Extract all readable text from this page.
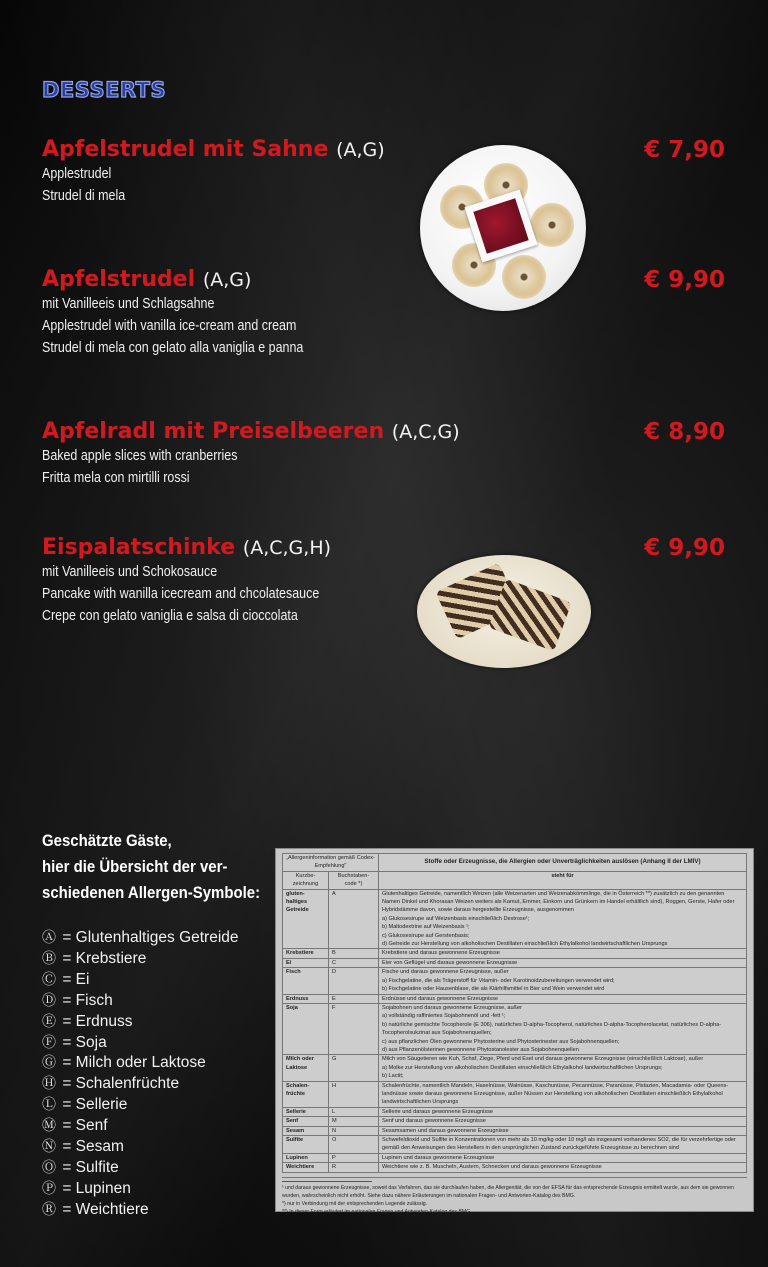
DESSERTS
Apfelstrudel mit Sahne (A,G)
Applestrudel
Strudel di mela
€ 7,90
Apfelstrudel (A,G)
mit Vanilleeis und Schlagsahne
Applestrudel with vanilla ice-cream and cream
Strudel di mela con gelato alla vaniglia e panna
€ 9,90
Apfelradl mit Preiselbeeren (A,C,G)
Baked apple slices with cranberries
Fritta mela con mirtilli rossi
€ 8,90
Eispalatschinke (A,C,G,H)
mit Vanilleeis und Schokosauce
Pancake with wanilla icecream and chcolatesauce
Crepe con gelato vaniglia e salsa di cioccolata
€ 9,90
Geschätzte Gäste,
hier die Übersicht der ver-
schiedenen Allergen-Symbole:
Ⓐ = Glutenhaltiges Getreide
Ⓑ = Krebstiere
Ⓒ = Ei
Ⓓ = Fisch
Ⓔ = Erdnuss
Ⓕ = Soja
Ⓖ = Milch oder Laktose
Ⓗ = Schalenfrüchte
Ⓛ = Sellerie
Ⓜ = Senf
Ⓝ = Sesam
Ⓞ = Sulfite
Ⓟ = Lupinen
Ⓡ = Weichtiere
„Allergeninformation gemäß Codex-Empfehlung"		Stoffe oder Erzeugnisse, die Allergien oder Unverträglichkeiten auslösen (Anhang II der LMIV)
Kurzbe-zeichnung	Buchstaben-code *)	steht für
gluten-haltiges Getreide	A	Glutenhaltiges Getreide, namentlich Weizen (alle Weizenarten und Weizenabkömmlinge, die in Österreich **) zusätzlich zu den genannten Namen Dinkel und Khorasan Weizen weiters als Kamut, Emmer, Einkorn und Grünkern im Handel erhältlich sind), Roggen, Gerste, Hafer oder Hybridstämme davon, sowie daraus hergestellte Erzeugnisse, ausgenommen
a) Glukosesirupe auf Weizenbasis einschließlich Dextrose¹;
b) Maltodextrine auf Weizenbasis ¹;
c) Glukosesirupe auf Gerstenbasis;
d) Getreide zur Herstellung von alkoholischen Destillaten einschließlich Ethylalkohol landwirtschaftlichen Ursprungs

Krebstiere	B	Krebstiere und daraus gewonnene Erzeugnisse

Ei	C	Eier von Geflügel und daraus gewonnene Erzeugnisse

Fisch	D	Fische und daraus gewonnene Erzeugnisse, außer
a) Fischgelatine, die als Trägerstoff für Vitamin- oder Karotinoidzubereitungen verwendet wird;
b) Fischgelatine oder Hausenblase, die als Klärhilfsmittel in Bier und Wein verwendet wird

Erdnuss	E	Erdnüsse und daraus gewonnene Erzeugnisse

Soja	F	Sojabohnen und daraus gewonnene Erzeugnisse, außer
a) vollständig raffiniertes Sojabohnenöl und -fett ¹;
b) natürliche gemischte Tocopherole (E 306), natürliches D-alpha-Tocopherol, natürliches D-alpha-Tocopherolacetat, natürliches D-alpha-Tocopherolsukzinat aus Sojabohnenquellen;
c) aus pflanzlichen Ölen gewonnene Phytosterine und Phytosterinester aus Sojabohnenquellen;
d) aus Pflanzenölsterinen gewonnene Phytostanolester aus Sojabohnenquellen

Milch oder Laktose	G	Milch von Säugetieren wie Kuh, Schaf, Ziege, Pferd und Esel und daraus gewonnene Erzeugnisse (einschließlich Laktose), außer
a) Molke zur Herstellung von alkoholischen Destillaten einschließlich Ethylalkohol landwirtschaftlichen Ursprungs;
b) Lactit;

Schalen-früchte	H	Schalenfrüchte, namentlich Mandeln, Haselnüsse, Walnüsse, Kaschunüsse, Pecannüsse, Paranüsse, Pistazien, Macadamia- oder Queens-landnüsse sowie daraus gewonnene Erzeugnisse, außer Nüssen zur Herstellung von alkoholischen Destillaten einschließlich Ethylalkohol landwirtschaftlichen Ursprungs

Sellerie	L	Sellerie und daraus gewonnene Erzeugnisse

Senf	M	Senf und daraus gewonnene Erzeugnisse

Sesam	N	Sesamsamen und daraus gewonnene Erzeugnisse

Sulfite	O	Schwefeldioxid und Sulfite in Konzentrationen von mehr als 10 mg/kg oder 10 mg/l als insgesamt vorhandenes SO2, die für verzehrfertige oder gemäß den Anweisungen des Herstellers in den ursprünglichen Zustand zurückgeführte Erzeugnisse zu berechnen sind

Lupinen	P	Lupinen und daraus gewonnene Erzeugnisse

Weichtiere	R	Weichtiere wie z. B. Muscheln, Austern, Schnecken und daraus gewonnene Erzeugnisse
¹ und daraus gewonnene Erzeugnisse, soweit das Verfahren, das sie durchlaufen haben, die Allergenität, die von der EFSA für das entsprechende Erzeugnis ermittelt wurde, aus dem sie gewonnen wurden, wahrscheinlich nicht erhöht. Siehe dazu nähere Erläuterungen im nationalen Fragen- und Antworten-Katalog des BMG.
*) nur in Verbindung mit der entsprechenden Legende zulässig.
**) In dieser Form erläutert im nationalen Fragen und Antworten-Katalog des BMG.
